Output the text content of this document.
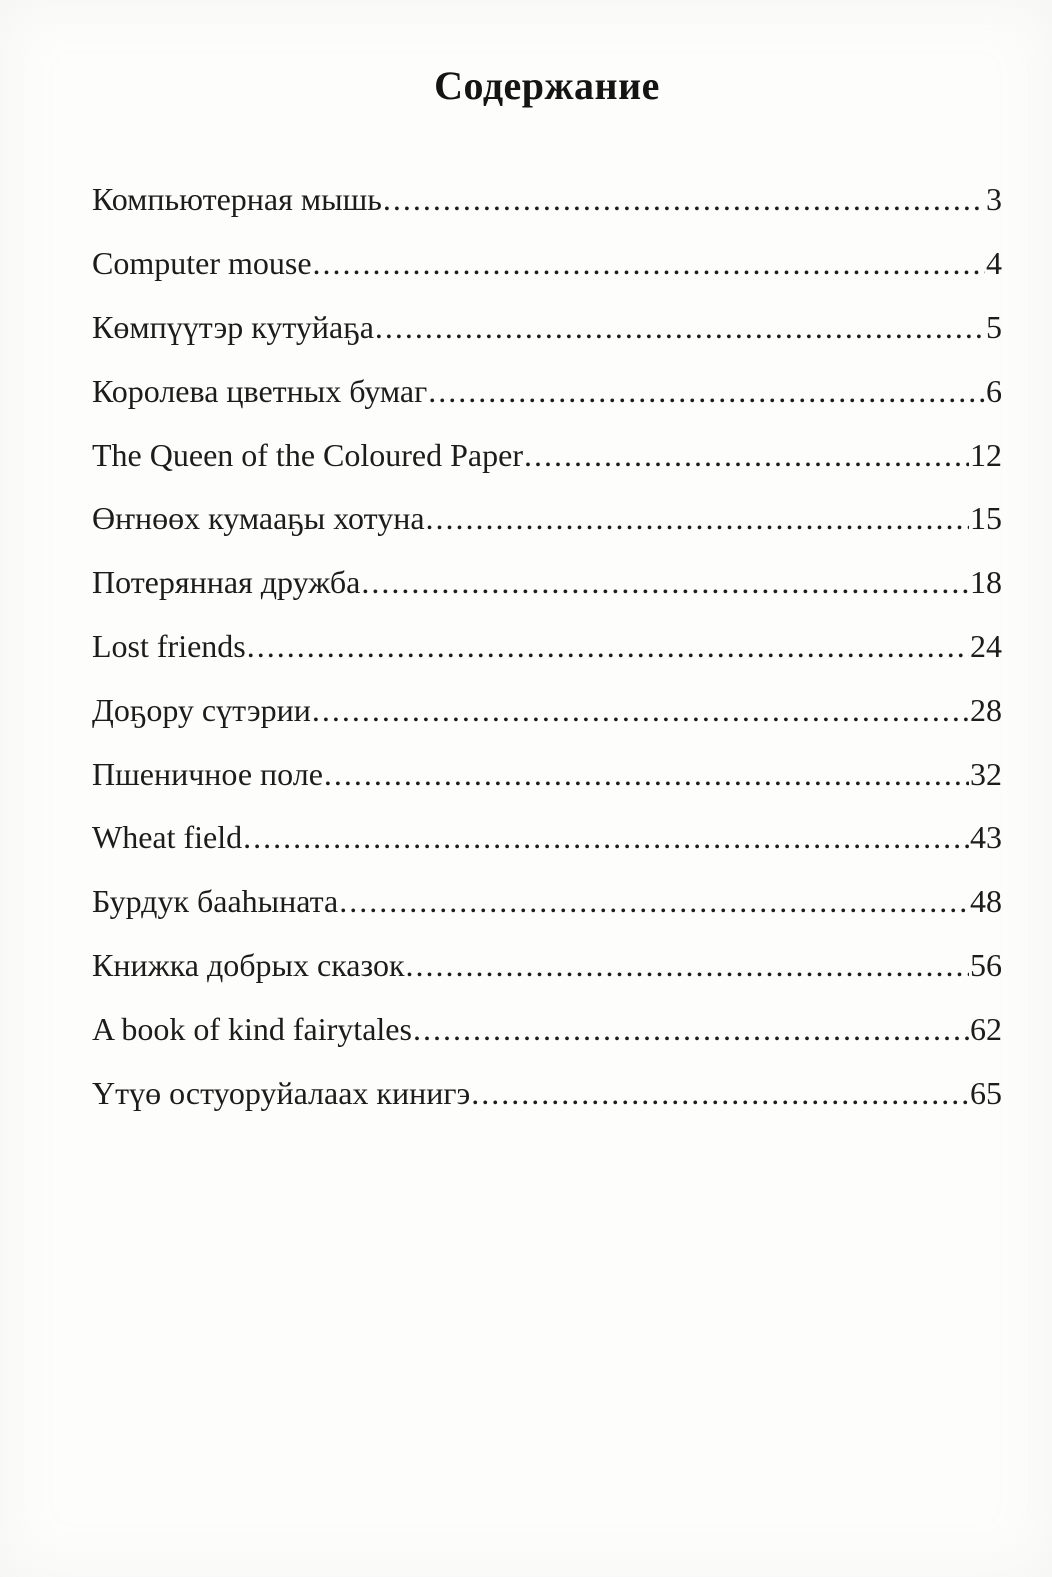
Содержание
Компьютерная мышь .....	3
Computer mouse .....	4
Көмпүүтэр кутуйаҕа .....	5
Королева цветных бумаг .....	6
The Queen of the Coloured Paper .....	12
Өҥнөөх кумааҕы хотуна .....	15
Потерянная дружба .....	18
Lost friends .....	24
Доҕору сүтэрии .....	28
Пшеничное поле .....	32
Wheat field .....	43
Бурдук бааһыната .....	48
Книжка добрых сказок .....	56
A book of kind fairytales .....	62
Үтүө остуоруйалаах кинигэ .....	65
